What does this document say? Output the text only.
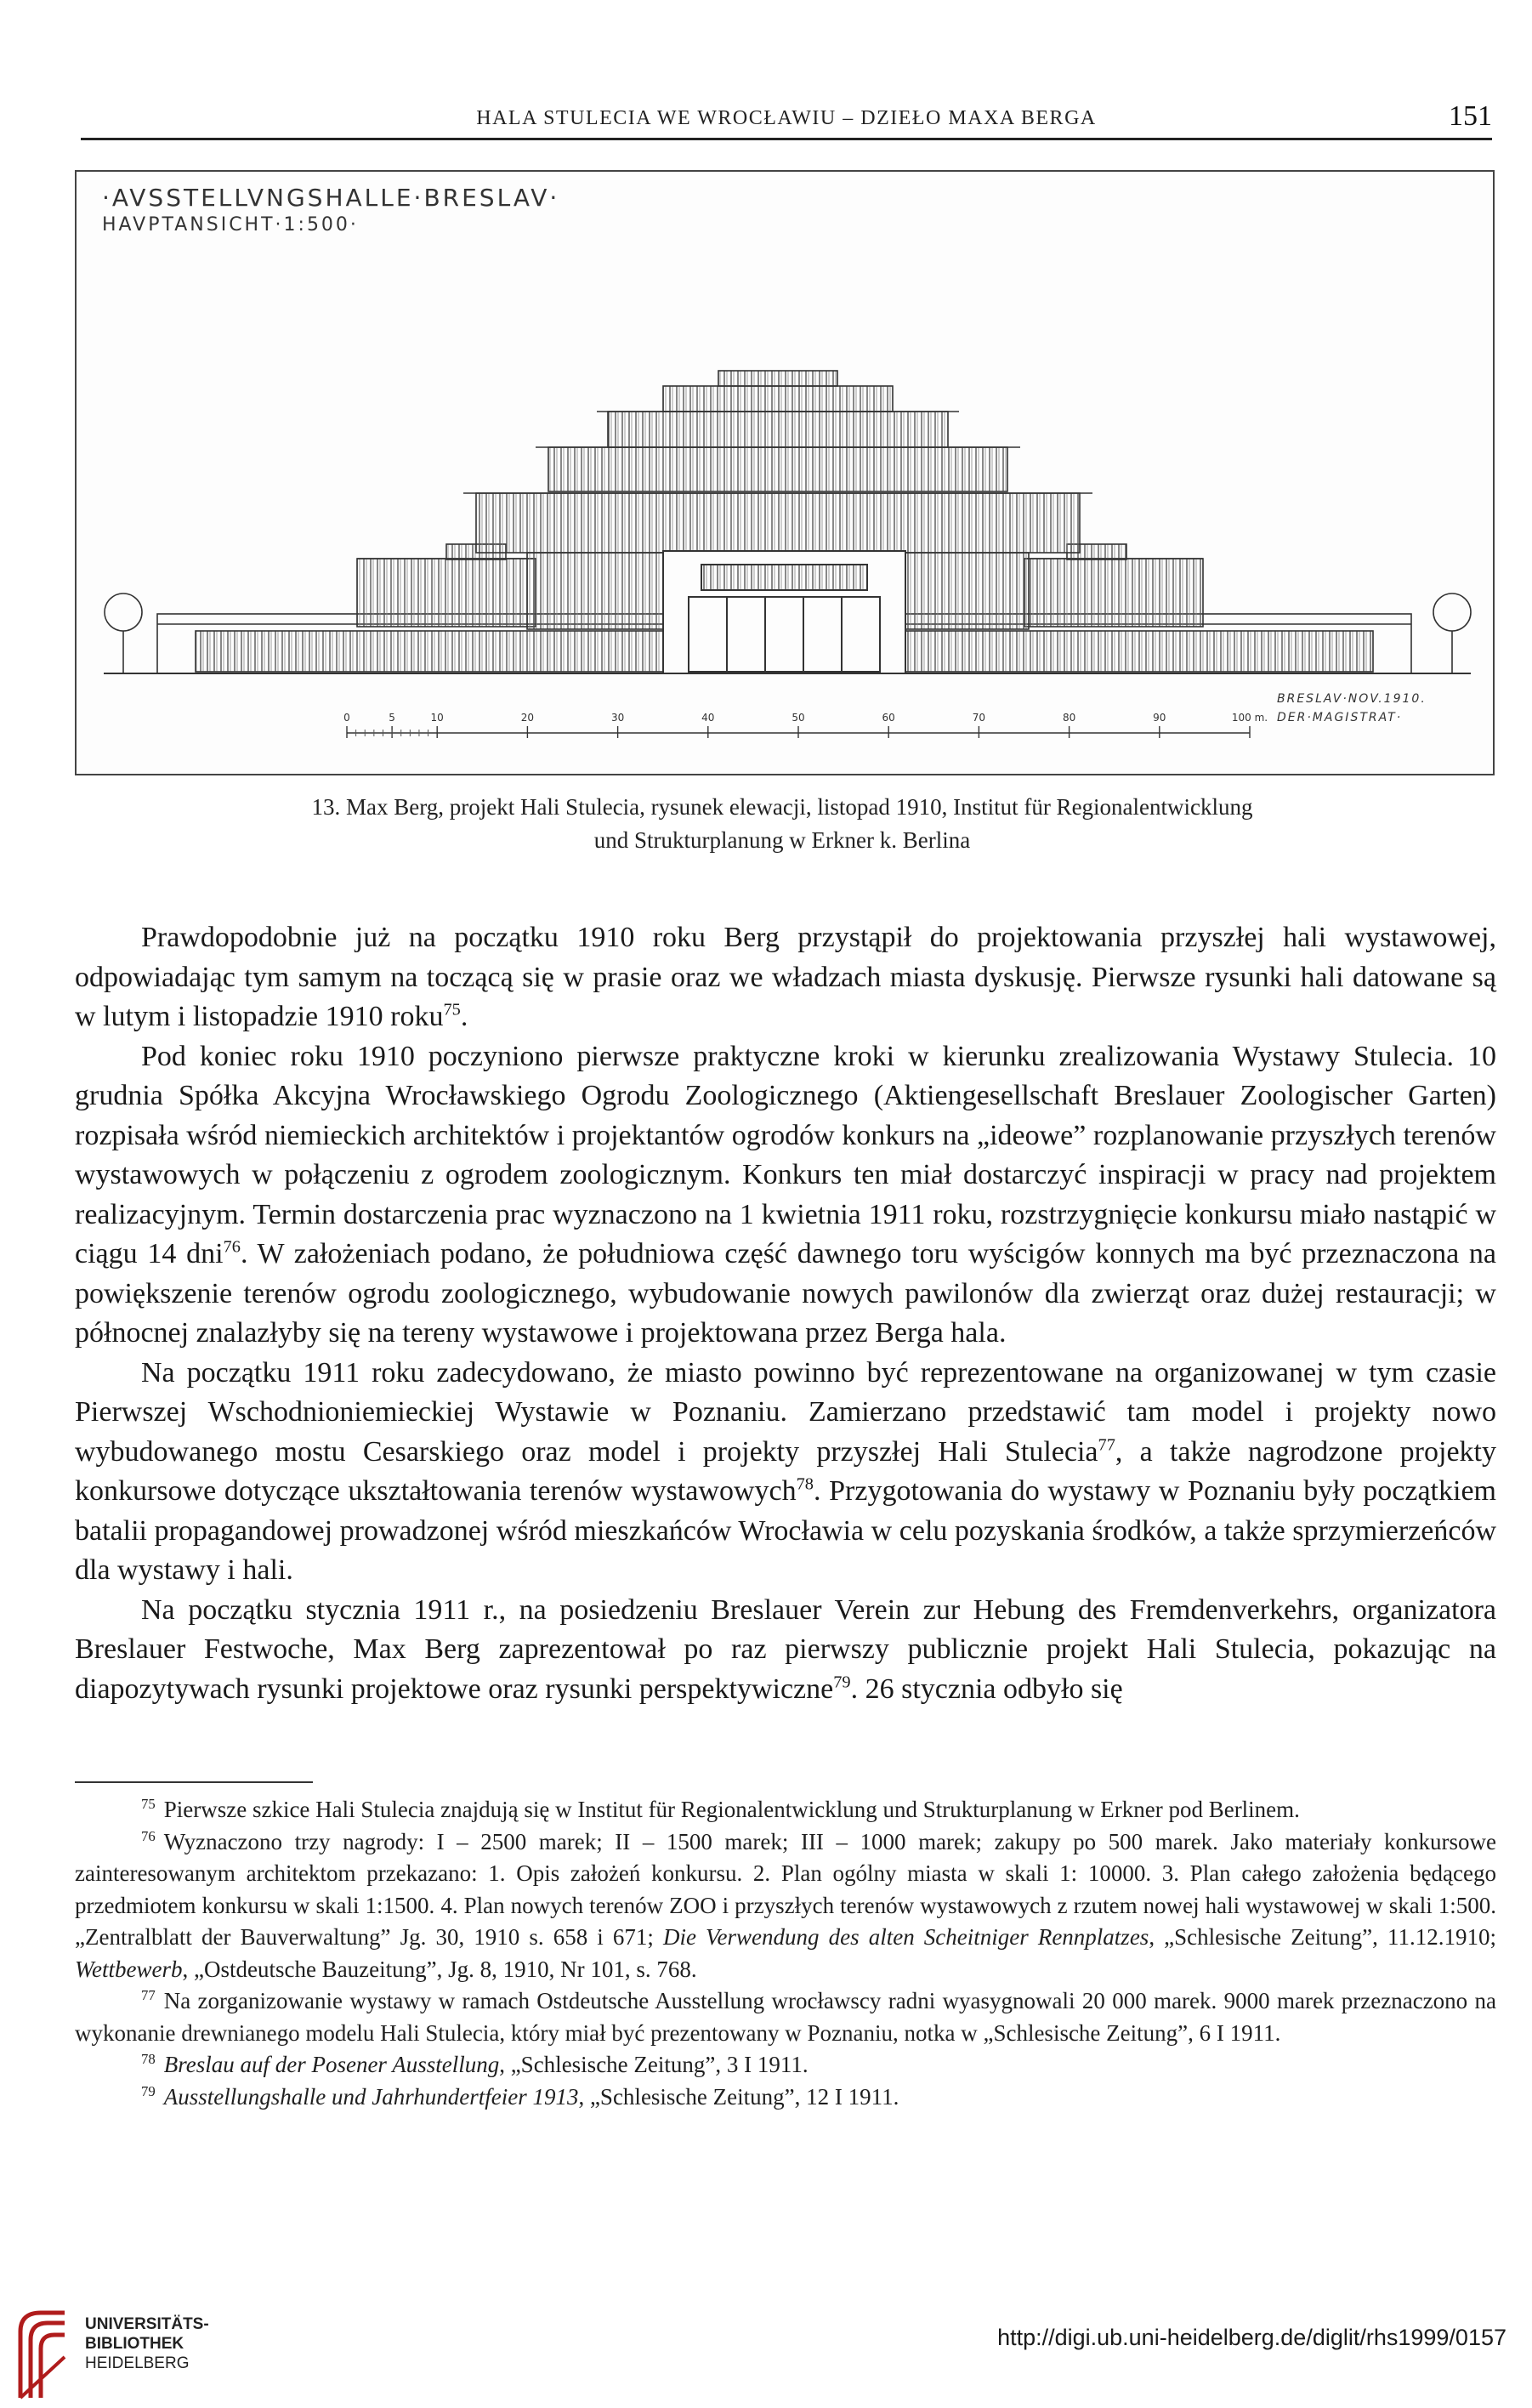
HALA STULECIA WE WROCŁAWIU – DZIEŁO MAXA BERGA	151
·AVSSTELLVNGSHALLE·BRESLAV·
HAVPTANSICHT·1:500·
0	5	10	20	30	40	50	60	70	80	90	100 m.
BRESLAV·NOV.1910.
DER·MAGISTRAT·
13. Max Berg, projekt Hali Stulecia, rysunek elewacji, listopad 1910, Institut für Regionalentwicklung
und Strukturplanung w Erkner k. Berlina

Prawdopodobnie już na początku 1910 roku Berg przystąpił do projektowania przyszłej hali wystawowej, odpowiadając tym samym na toczącą się w prasie oraz we władzach miasta dyskusję. Pierwsze rysunki hali datowane są w lutym i listopadzie 1910 roku$^{75}$.

Pod koniec roku 1910 poczyniono pierwsze praktyczne kroki w kierunku zrealizowania Wystawy Stulecia. 10 grudnia Spółka Akcyjna Wrocławskiego Ogrodu Zoologicznego (Aktiengesellschaft Breslauer Zoologischer Garten) rozpisała wśród niemieckich architektów i projektantów ogrodów konkurs na „ideowe” rozplanowanie przyszłych terenów wystawowych w połączeniu z ogrodem zoologicznym. Konkurs ten miał dostarczyć inspiracji w pracy nad projektem realizacyjnym. Termin dostarczenia prac wyznaczono na 1 kwietnia 1911 roku, rozstrzygnięcie konkursu miało nastąpić w ciągu 14 dni$^{76}$. W założeniach podano, że południowa część dawnego toru wyścigów konnych ma być przeznaczona na powiększenie terenów ogrodu zoologicznego, wybudowanie nowych pawilonów dla zwierząt oraz dużej restauracji; w północnej znalazłyby się na tereny wystawowe i projektowana przez Berga hala.

Na początku 1911 roku zadecydowano, że miasto powinno być reprezentowane na organizowanej w tym czasie Pierwszej Wschodnioniemieckiej Wystawie w Poznaniu. Zamierzano przedstawić tam model i projekty nowo wybudowanego mostu Cesarskiego oraz model i projekty przyszłej Hali Stulecia$^{77}$, a także nagrodzone projekty konkursowe dotyczące ukształtowania terenów wystawowych$^{78}$. Przygotowania do wystawy w Poznaniu były początkiem batalii propagandowej prowadzonej wśród mieszkańców Wrocławia w celu pozyskania środków, a także sprzymierzeńców dla wystawy i hali.

Na początku stycznia 1911 r., na posiedzeniu Breslauer Verein zur Hebung des Fremdenverkehrs, organizatora Breslauer Festwoche, Max Berg zaprezentował po raz pierwszy publicznie projekt Hali Stulecia, pokazując na diapozytywach rysunki projektowe oraz rysunki perspektywiczne$^{79}$. 26 stycznia odbyło się

$^{75}$ Pierwsze szkice Hali Stulecia znajdują się w Institut für Regionalentwicklung und Strukturplanung w Erkner pod Berlinem.

$^{76}$ Wyznaczono trzy nagrody: I – 2500 marek; II – 1500 marek; III – 1000 marek; zakupy po 500 marek. Jako materiały konkursowe zainteresowanym architektom przekazano: 1. Opis założeń konkursu. 2. Plan ogólny miasta w skali 1: 10000. 3. Plan całego założenia będącego przedmiotem konkursu w skali 1:1500. 4. Plan nowych terenów ZOO i przyszłych terenów wystawowych z rzutem nowej hali wystawowej w skali 1:500. „Zentralblatt der Bauverwaltung” Jg. 30, 1910 s. 658 i 671; Die Verwendung des alten Scheitniger Rennplatzes, „Schlesische Zeitung”, 11.12.1910; Wettbewerb, „Ostdeutsche Bauzeitung”, Jg. 8, 1910, Nr 101, s. 768.

$^{77}$ Na zorganizowanie wystawy w ramach Ostdeutsche Ausstellung wrocławscy radni wyasygnowali 20 000 marek. 9000 marek przeznaczono na wykonanie drewnianego modelu Hali Stulecia, który miał być prezentowany w Poznaniu, notka w „Schlesische Zeitung”, 6 I 1911.

$^{78}$ Breslau auf der Posener Ausstellung, „Schlesische Zeitung”, 3 I 1911.

$^{79}$ Ausstellungshalle und Jahrhundertfeier 1913, „Schlesische Zeitung”, 12 I 1911.

UNIVERSITÄTS-
BIBLIOTHEK
HEIDELBERG
http://digi.ub.uni-heidelberg.de/diglit/rhs1999/0157
